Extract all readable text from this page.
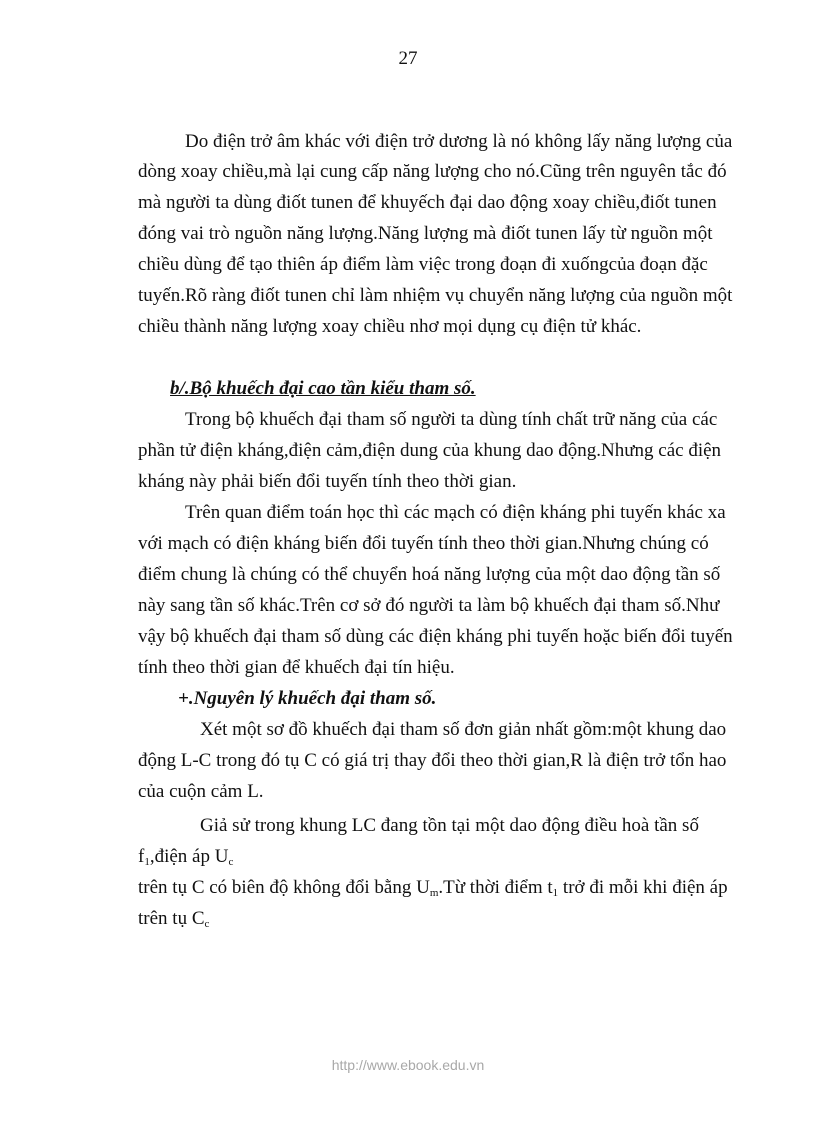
27
Do điện trở âm khác với điện trở dương là nó không lấy năng lượng của
dòng xoay chiều,mà lại cung cấp năng lượng cho nó.Cũng trên nguyên tắc đó
mà người ta dùng điốt tunen để khuyếch đại dao động xoay chiều,điốt tunen
đóng vai trò nguồn năng lượng.Năng lượng mà điốt tunen lấy từ nguồn một
chiều dùng để tạo thiên áp điểm làm việc trong đoạn đi xuốngcủa đoạn đặc
tuyến.Rõ ràng điốt tunen chỉ làm nhiệm vụ chuyển năng lượng của nguồn một
chiều thành năng lượng xoay chiều nhơ mọi dụng cụ điện tử khác.
b/.Bộ khuếch đại cao tần kiểu tham số.
Trong bộ khuếch đại tham số người ta dùng tính chất trữ năng của các
phần tử điện kháng,điện cảm,điện dung của khung dao động.Nhưng các điện
kháng này phải biến đổi tuyến tính theo thời gian.
Trên quan điểm toán học thì các mạch có điện kháng phi tuyến khác xa
với mạch có điện kháng biến đổi tuyến tính theo thời gian.Nhưng chúng có
điểm chung là chúng có thể chuyển hoá năng lượng của một dao động tần số
này sang tần số khác.Trên cơ sở đó người ta làm bộ khuếch đại tham số.Như
vậy bộ khuếch đại tham số dùng các điện kháng phi tuyến hoặc biến đổi tuyến
tính theo thời gian để khuếch đại tín hiệu.
+.Nguyên lý khuếch đại tham số.
Xét một sơ đồ khuếch đại tham số đơn giản nhất gồm:một khung dao
động L-C trong đó tụ C có giá trị thay đổi theo thời gian,R là điện trở tổn hao
của cuộn cảm L.
Giả sử trong khung LC đang tồn tại một dao động điều hoà tần số
$f_1,điện$ áp $U_c$
trên tụ C có biên độ không đổi bằng $U_m.Từ$ thời điểm $t_1$ trở đi mỗi khi điện áp
trên tụ $C_c$
http://www.ebook.edu.vn
